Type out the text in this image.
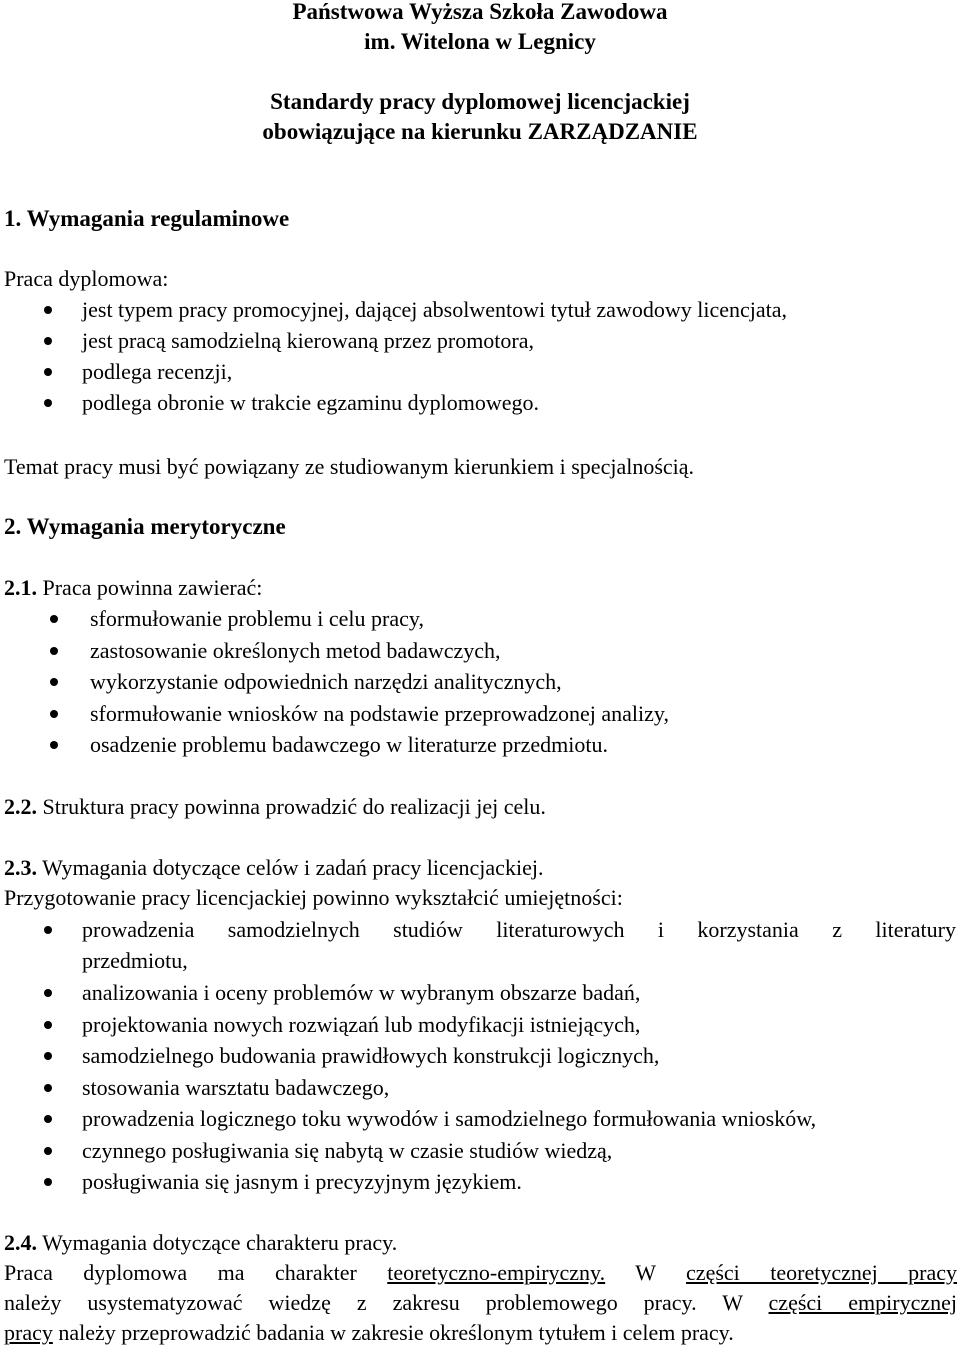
Państwowa Wyższa Szkoła Zawodowa
im. Witelona w Legnicy
Standardy pracy dyplomowej licencjackiej
obowiązujące na kierunku ZARZĄDZANIE
1. Wymagania regulaminowe
Praca dyplomowa:
jest typem pracy promocyjnej, dającej absolwentowi tytuł zawodowy licencjata,
jest pracą samodzielną kierowaną przez promotora,
podlega recenzji,
podlega obronie w trakcie egzaminu dyplomowego.
Temat pracy musi być powiązany ze studiowanym kierunkiem i specjalnością.
2. Wymagania merytoryczne
2.1. Praca powinna zawierać:
sformułowanie problemu i celu pracy,
zastosowanie określonych metod badawczych,
wykorzystanie odpowiednich narzędzi analitycznych,
sformułowanie wniosków na podstawie przeprowadzonej analizy,
osadzenie problemu badawczego w literaturze przedmiotu.
2.2. Struktura pracy powinna prowadzić do realizacji jej celu.
2.3. Wymagania dotyczące celów i zadań pracy licencjackiej.
Przygotowanie pracy licencjackiej powinno wykształcić umiejętności:
prowadzenia samodzielnych studiów literaturowych i korzystania z literatury
przedmiotu,
analizowania i oceny problemów w wybranym obszarze badań,
projektowania nowych rozwiązań lub modyfikacji istniejących,
samodzielnego budowania prawidłowych konstrukcji logicznych,
stosowania warsztatu badawczego,
prowadzenia logicznego toku wywodów i samodzielnego formułowania wniosków,
czynnego posługiwania się nabytą w czasie studiów wiedzą,
posługiwania się jasnym i precyzyjnym językiem.
2.4. Wymagania dotyczące charakteru pracy.
Praca dyplomowa ma charakter teoretyczno-empiryczny. W części teoretycznej pracy
należy usystematyzować wiedzę z zakresu problemowego pracy. W części empirycznej
pracy należy przeprowadzić badania w zakresie określonym tytułem i celem pracy.
